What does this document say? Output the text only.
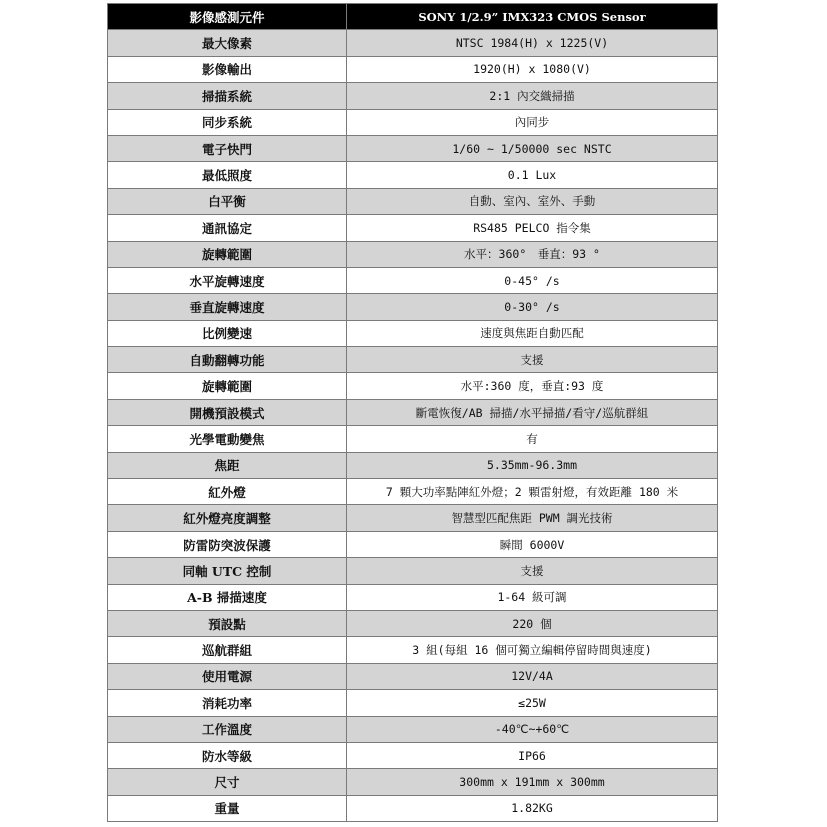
影像感測元件	SONY 1/2.9” IMX323 CMOS Sensor
最大像素	NTSC 1984(H) x 1225(V)
影像輸出	1920(H) x 1080(V)
掃描系統	2:1 內交織掃描
同步系統	內同步
電子快門	1/60 ~ 1/50000 sec NSTC
最低照度	0.1 Lux
白平衡	自動、室內、室外、手動
通訊協定	RS485 PELCO 指令集
旋轉範圍	水平：360°　垂直：93 °
水平旋轉速度	0-45° /s
垂直旋轉速度	0-30° /s
比例變速	速度與焦距自動匹配
自動翻轉功能	支援
旋轉範圍	水平:360 度，垂直:93 度
開機預設模式	斷電恢復/AB 掃描/水平掃描/看守/巡航群組
光學電動變焦	有
焦距	5.35mm-96.3mm
紅外燈	7 顆大功率點陣紅外燈；2 顆雷射燈，有效距離 180 米
紅外燈亮度調整	智慧型匹配焦距 PWM 調光技術
防雷防突波保護	瞬間 6000V
同軸 UTC 控制	支援
A-B 掃描速度	1-64 級可調
預設點	220 個
巡航群組	3 組(每組 16 個可獨立編輯停留時間與速度)
使用電源	12V/4A
消耗功率	≤25W
工作溫度	-40℃~+60℃
防水等級	IP66
尺寸	300mm x 191mm x 300mm
重量	1.82KG
